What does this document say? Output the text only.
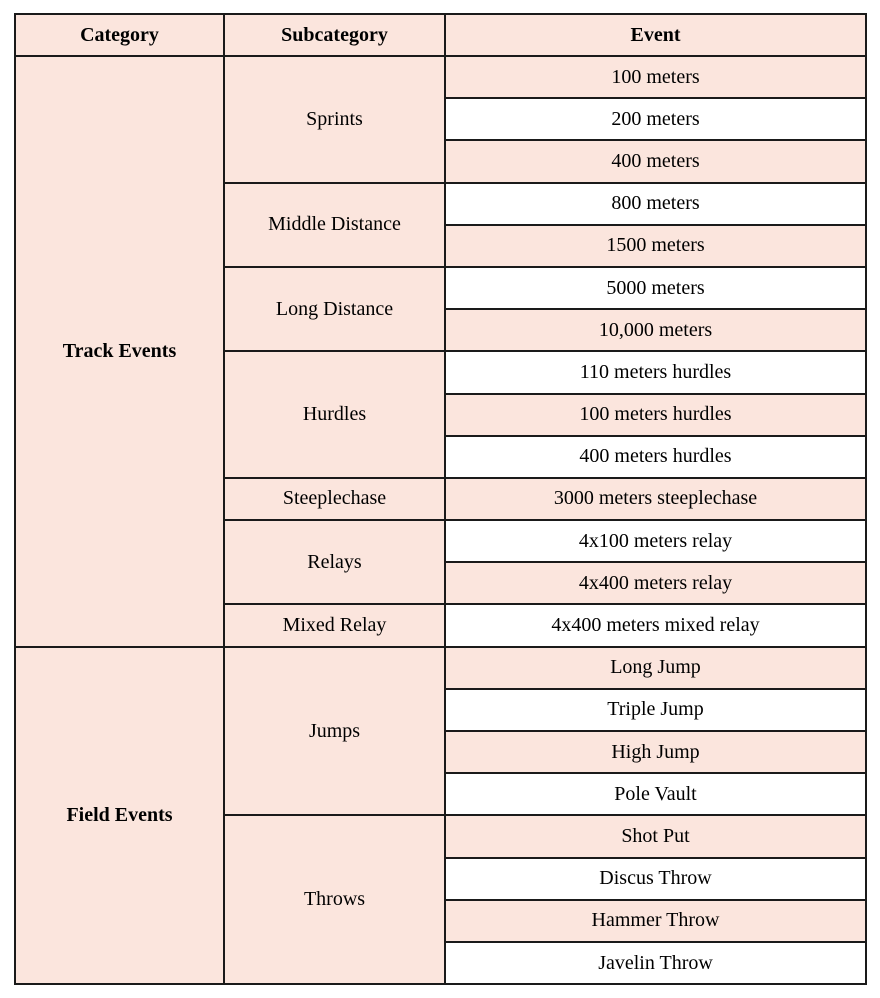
Category	Subcategory	Event
Track Events	Sprints	100 meters
		200 meters
		400 meters
	Middle Distance	800 meters
		1500 meters
	Long Distance	5000 meters
		10,000 meters
	Hurdles	110 meters hurdles
		100 meters hurdles
		400 meters hurdles
	Steeplechase	3000 meters steeplechase
	Relays	4x100 meters relay
		4x400 meters relay
	Mixed Relay	4x400 meters mixed relay
Field Events	Jumps	Long Jump
		Triple Jump
		High Jump
		Pole Vault
	Throws	Shot Put
		Discus Throw
		Hammer Throw
		Javelin Throw
